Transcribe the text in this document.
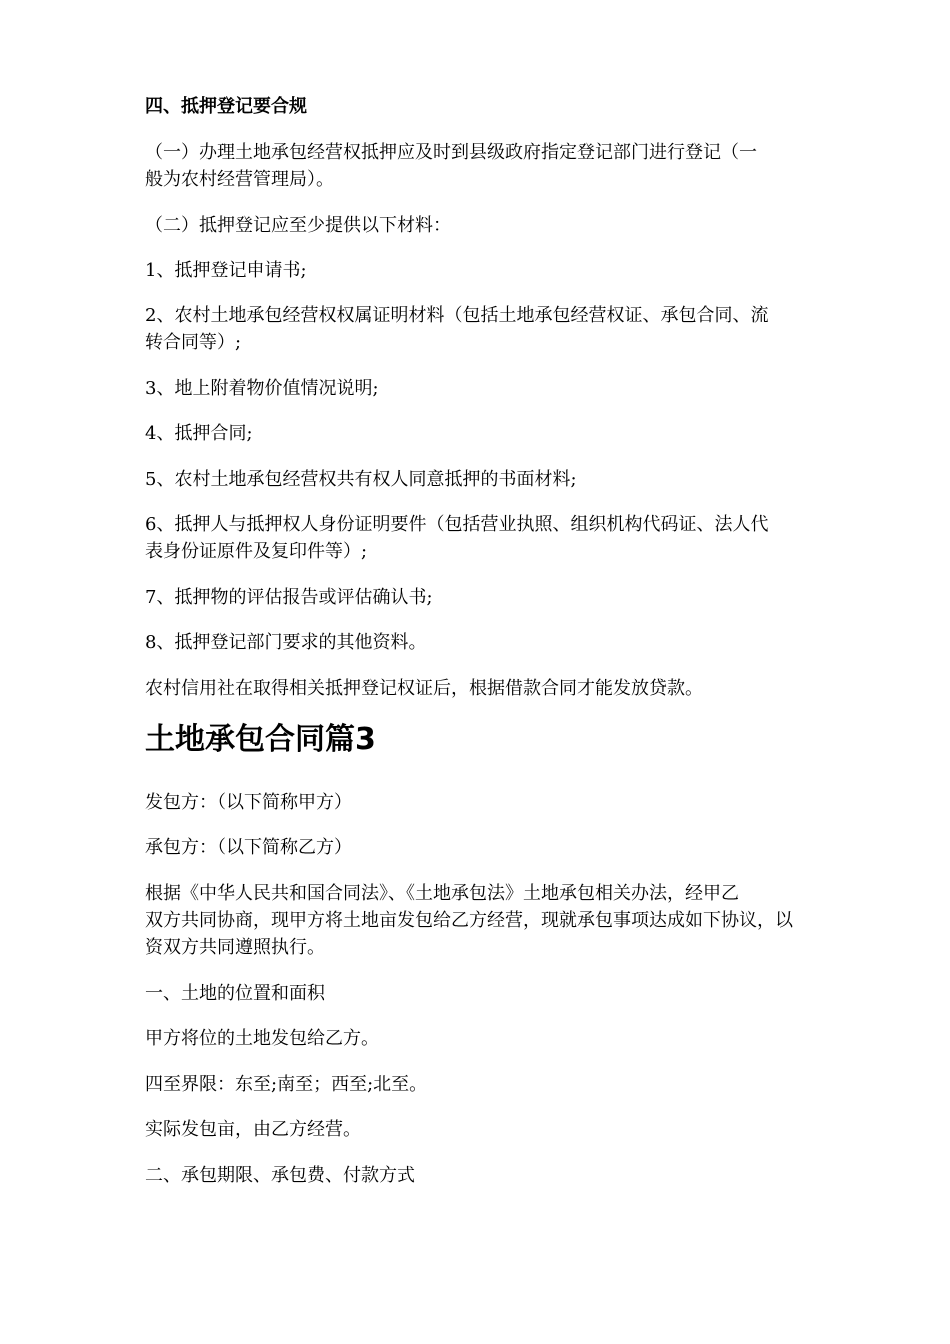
四、抵押登记要合规

（一）办理土地承包经营权抵押应及时到县级政府指定登记部门进行登记（一

般为农村经营管理局）。

（二）抵押登记应至少提供以下材料：

1、抵押登记申请书;

2、农村土地承包经营权权属证明材料（包括土地承包经营权证、承包合同、流

转合同等）;

3、地上附着物价值情况说明;

4、抵押合同;

5、农村土地承包经营权共有权人同意抵押的书面材料;

6、抵押人与抵押权人身份证明要件（包括营业执照、组织机构代码证、法人代

表身份证原件及复印件等）;

7、抵押物的评估报告或评估确认书;

8、抵押登记部门要求的其他资料。

农村信用社在取得相关抵押登记权证后，根据借款合同才能发放贷款。

土地承包合同篇3

发包方：（以下简称甲方）

承包方：（以下简称乙方）

根据《中华人民共和国合同法》、《土地承包法》土地承包相关办法，经甲乙

双方共同协商，现甲方将土地亩发包给乙方经营，现就承包事项达成如下协议，以

资双方共同遵照执行。

一、土地的位置和面积

甲方将位的土地发包给乙方。

四至界限：东至;南至；西至;北至。

实际发包亩，由乙方经营。

二、承包期限、承包费、付款方式
